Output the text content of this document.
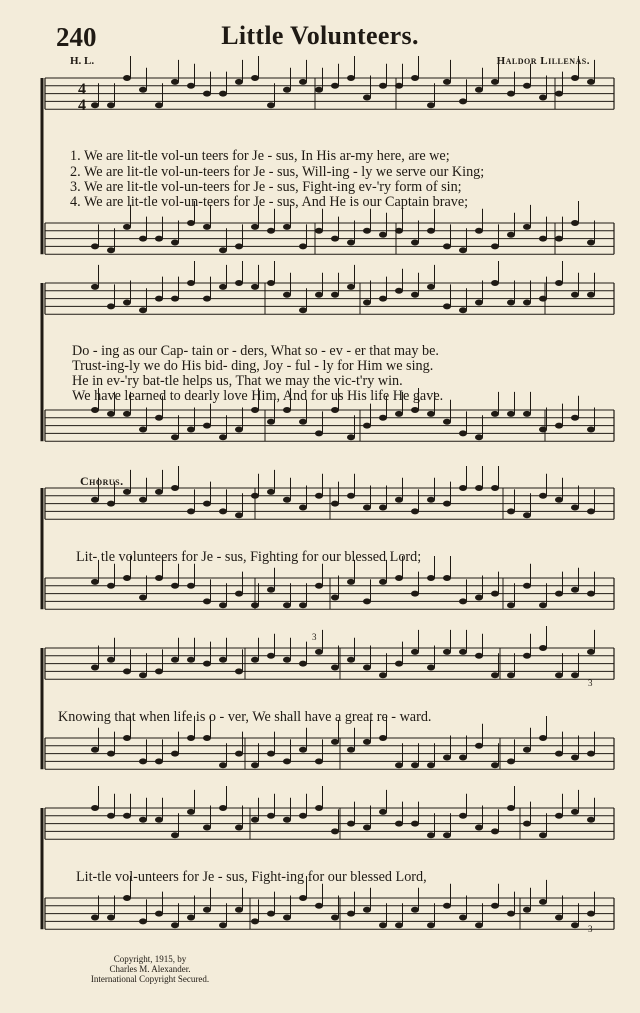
4
4
240	Little Volunteers.
H. L.	Haldor Lillenas.
1. We are lit-tle vol-un teers for Je - sus, In His ar-my here, are we;
2. We are lit-tle vol-un-teers for Je - sus, Will-ing - ly we serve our King;
3. We are lit-tle vol-un-teers for Je - sus, Fight-ing ev-'ry form of sin;
4. We are lit-tle vol-un-teers for Je - sus, And He is our Captain brave;
Do - ing as our Cap- tain or - ders, What so - ev - er that may be.
Trust-ing-ly we do His bid- ding, Joy - ful - ly for Him we sing.
He in ev-'ry bat-tle helps us, That we may the vic-t'ry win.
We have learned to dearly love Him, And for us His life He gave.
Chorus.
Lit- tle volunteers for Je - sus, Fighting for our blessed Lord;
Knowing that when life is o - ver, We shall have a great re - ward.
Lit-tle vol-unteers for Je - sus, Fight-ing for our blessed Lord,
3
3
3
Copyright, 1915, by
Charles M. Alexander.
International Copyright Secured.
